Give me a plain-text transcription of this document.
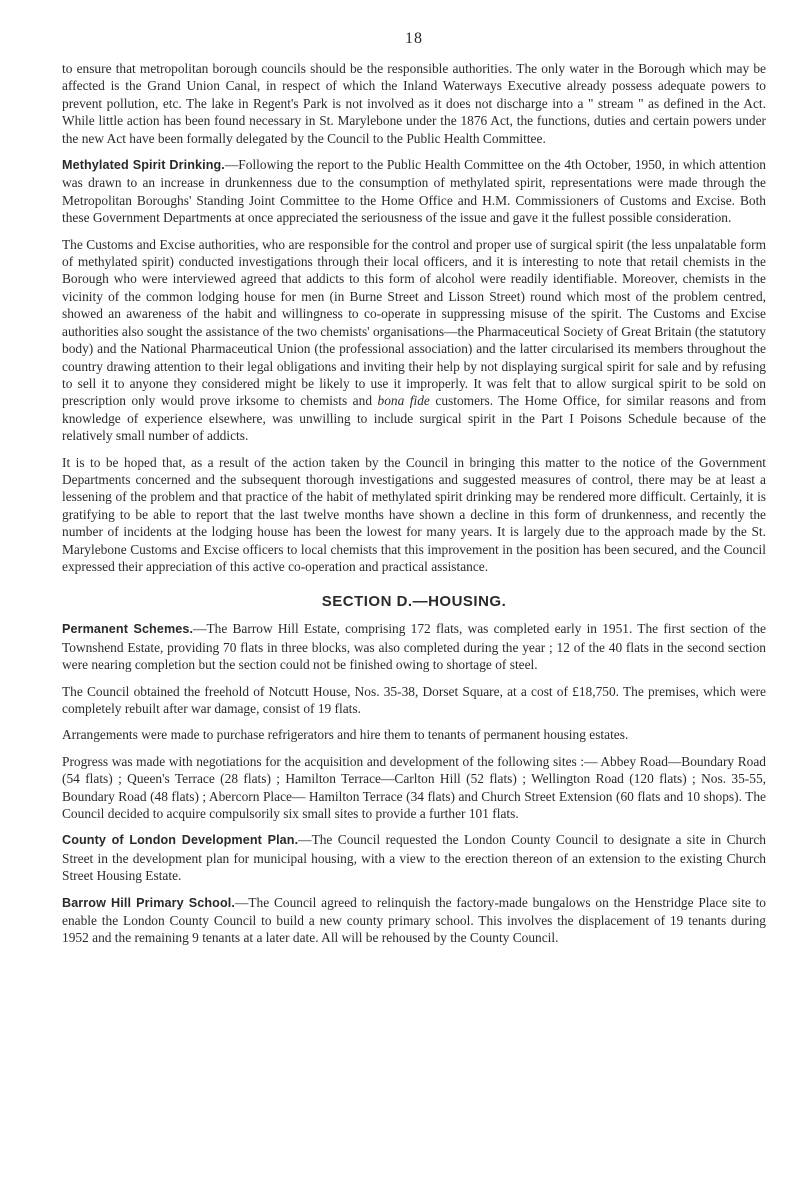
18

to ensure that metropolitan borough councils should be the responsible authorities. The only water in the Borough which may be affected is the Grand Union Canal, in respect of which the Inland Waterways Executive already possess adequate powers to prevent pollution, etc. The lake in Regent's Park is not involved as it does not discharge into a " stream " as defined in the Act. While little action has been found necessary in St. Marylebone under the 1876 Act, the functions, duties and certain powers under the new Act have been formally delegated by the Council to the Public Health Committee.

Methylated Spirit Drinking.—Following the report to the Public Health Committee on the 4th October, 1950, in which attention was drawn to an increase in drunkenness due to the consumption of methylated spirit, representations were made through the Metropolitan Boroughs' Standing Joint Committee to the Home Office and H.M. Commissioners of Customs and Excise. Both these Government Departments at once appreciated the seriousness of the issue and gave it the fullest possible consideration.

The Customs and Excise authorities, who are responsible for the control and proper use of surgical spirit (the less unpalatable form of methylated spirit) conducted investigations through their local officers, and it is interesting to note that retail chemists in the Borough who were interviewed agreed that addicts to this form of alcohol were readily identifiable. Moreover, chemists in the vicinity of the common lodging house for men (in Burne Street and Lisson Street) round which most of the problem centred, showed an awareness of the habit and willingness to co-operate in suppressing misuse of the spirit. The Customs and Excise authorities also sought the assistance of the two chemists' organisations—the Pharmaceutical Society of Great Britain (the statutory body) and the National Pharmaceutical Union (the professional association) and the latter circularised its members throughout the country drawing attention to their legal obligations and inviting their help by not displaying surgical spirit for sale and by refusing to sell it to anyone they considered might be likely to use it improperly. It was felt that to allow surgical spirit to be sold on prescription only would prove irksome to chemists and bona fide customers. The Home Office, for similar reasons and from knowledge of experience elsewhere, was unwilling to include surgical spirit in the Part I Poisons Schedule because of the relatively small number of addicts.

It is to be hoped that, as a result of the action taken by the Council in bringing this matter to the notice of the Government Departments concerned and the subsequent thorough investigations and suggested measures of control, there may be at least a lessening of the problem and that practice of the habit of methylated spirit drinking may be rendered more difficult. Certainly, it is gratifying to be able to report that the last twelve months have shown a decline in this form of drunkenness, and recently the number of incidents at the lodging house has been the lowest for many years. It is largely due to the approach made by the St. Marylebone Customs and Excise officers to local chemists that this improvement in the position has been secured, and the Council expressed their appreciation of this active co-operation and practical assistance.

SECTION D.—HOUSING.

Permanent Schemes.—The Barrow Hill Estate, comprising 172 flats, was completed early in 1951. The first section of the Townshend Estate, providing 70 flats in three blocks, was also completed during the year ; 12 of the 40 flats in the second section were nearing completion but the section could not be finished owing to shortage of steel.

The Council obtained the freehold of Notcutt House, Nos. 35-38, Dorset Square, at a cost of £18,750. The premises, which were completely rebuilt after war damage, consist of 19 flats.

Arrangements were made to purchase refrigerators and hire them to tenants of permanent housing estates.

Progress was made with negotiations for the acquisition and development of the following sites :— Abbey Road—Boundary Road (54 flats) ; Queen's Terrace (28 flats) ; Hamilton Terrace—Carlton Hill (52 flats) ; Wellington Road (120 flats) ; Nos. 35-55, Boundary Road (48 flats) ; Abercorn Place— Hamilton Terrace (34 flats) and Church Street Extension (60 flats and 10 shops). The Council decided to acquire compulsorily six small sites to provide a further 101 flats.

County of London Development Plan.—The Council requested the London County Council to designate a site in Church Street in the development plan for municipal housing, with a view to the erection thereon of an extension to the existing Church Street Housing Estate.

Barrow Hill Primary School.—The Council agreed to relinquish the factory-made bungalows on the Henstridge Place site to enable the London County Council to build a new county primary school. This involves the displacement of 19 tenants during 1952 and the remaining 9 tenants at a later date. All will be rehoused by the County Council.
